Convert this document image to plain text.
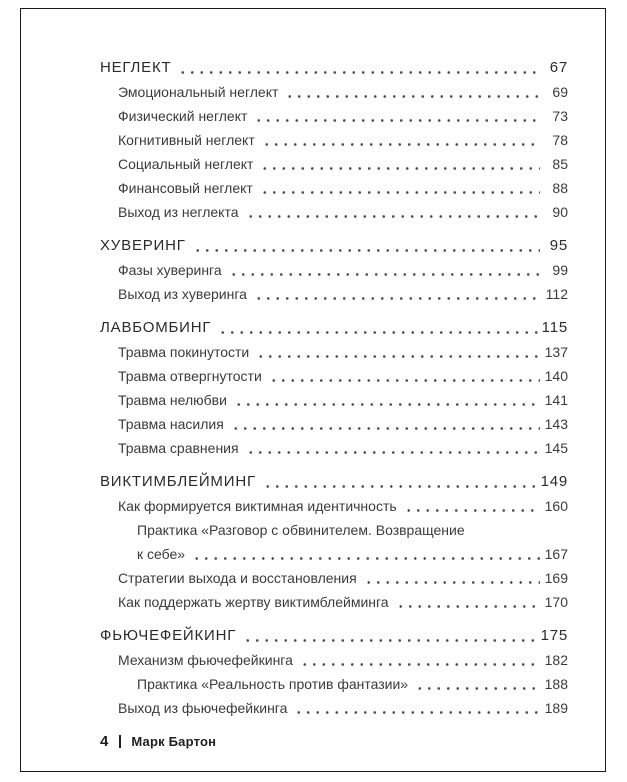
НЕГЛЕКТ	67
Эмоциональный неглект	69
Физический неглект	73
Когнитивный неглект	78
Социальный неглект	85
Финансовый неглект	88
Выход из неглекта	90
ХУВЕРИНГ	95
Фазы хуверинга	99
Выход из хуверинга	112
ЛАВБОМБИНГ	115
Травма покинутости	137
Травма отвергнутости	140
Травма нелюбви	141
Травма насилия	143
Травма сравнения	145
ВИКТИМБЛЕЙМИНГ	149
Как формируется виктимная идентичность	160
Практика «Разговор с обвинителем. Возвращение
к себе»	167
Стратегии выхода и восстановления	169
Как поддержать жертву виктимблейминга	170
ФЬЮЧЕФЕЙКИНГ	175
Механизм фьючефейкинга	182
Практика «Реальность против фантазии»	188
Выход из фьючефейкинга	189
4 Марк Бартон
